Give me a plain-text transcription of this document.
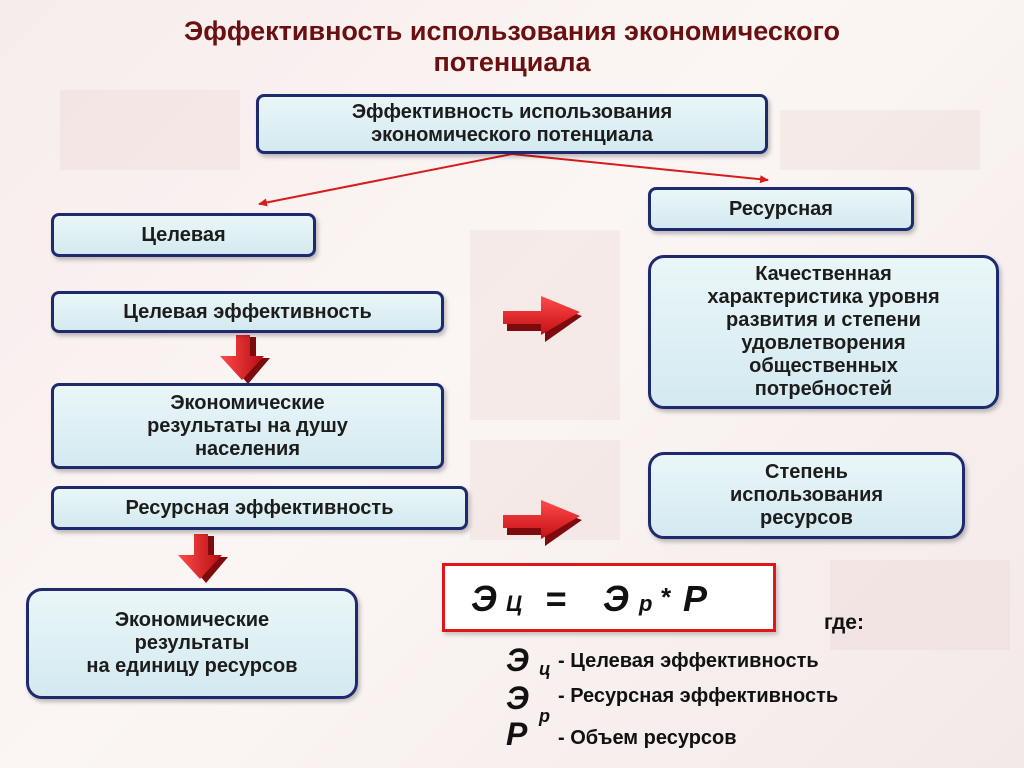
Эффективность использования экономического
потенциала
Эффективность использования
экономического потенциала
Целевая
Ресурсная
Целевая эффективность
Экономические
результаты на душу
населения
Ресурсная эффективность
Экономические
результаты
на единицу ресурсов
Качественная
характеристика уровня
развития и степени
удовлетворения
общественных
потребностей
Степень
использования
ресурсов
Э Ц = Э р * Р
где:
Э ц - Целевая эффективность
Э р
- Ресурсная эффективность
Р - Объем ресурсов
